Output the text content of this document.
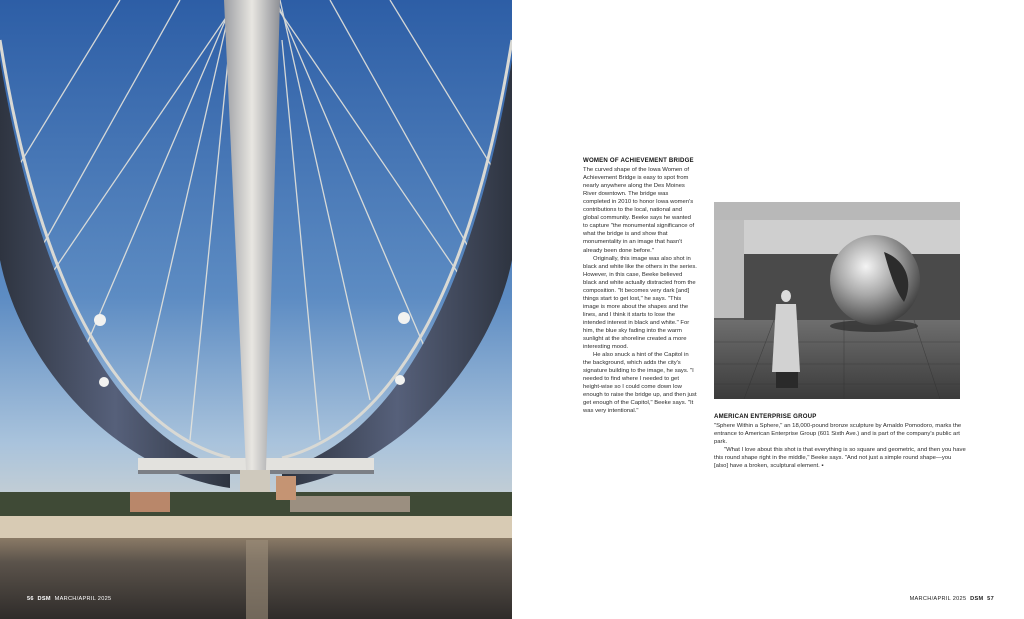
56 DSM MARCH/APRIL 2025
WOMEN OF ACHIEVEMENT BRIDGE

The curved shape of the Iowa Women of Achievement Bridge is easy to spot from nearly anywhere along the Des Moines River downtown. The bridge was completed in 2010 to honor Iowa women's contributions to the local, national and global community. Beeke says he wanted to capture "the monumental significance of what the bridge is and show that monumentality in an image that hasn't already been done before."

Originally, this image was also shot in black and white like the others in the series. However, in this case, Beeke believed black and white actually distracted from the composition. "It becomes very dark [and] things start to get lost," he says. "This image is more about the shapes and the lines, and I think it starts to lose the intended interest in black and white." For him, the blue sky fading into the warm sunlight at the shoreline created a more interesting mood.

He also snuck a hint of the Capitol in the background, which adds the city's signature building to the image, he says. "I needed to find where I needed to get height-wise so I could come down low enough to raise the bridge up, and then just get enough of the Capitol," Beeke says. "It was very intentional."

AMERICAN ENTERPRISE GROUP

"Sphere Within a Sphere," an 18,000-pound bronze sculpture by Arnaldo Pomodoro, marks the entrance to American Enterprise Group (601 Sixth Ave.) and is part of the company's public art park.

"What I love about this shot is that everything is so square and geometric, and then you have this round shape right in the middle," Beeke says. "And not just a simple round shape—you [also] have a broken, sculptural element. ▪

MARCH/APRIL 2025 DSM 57
